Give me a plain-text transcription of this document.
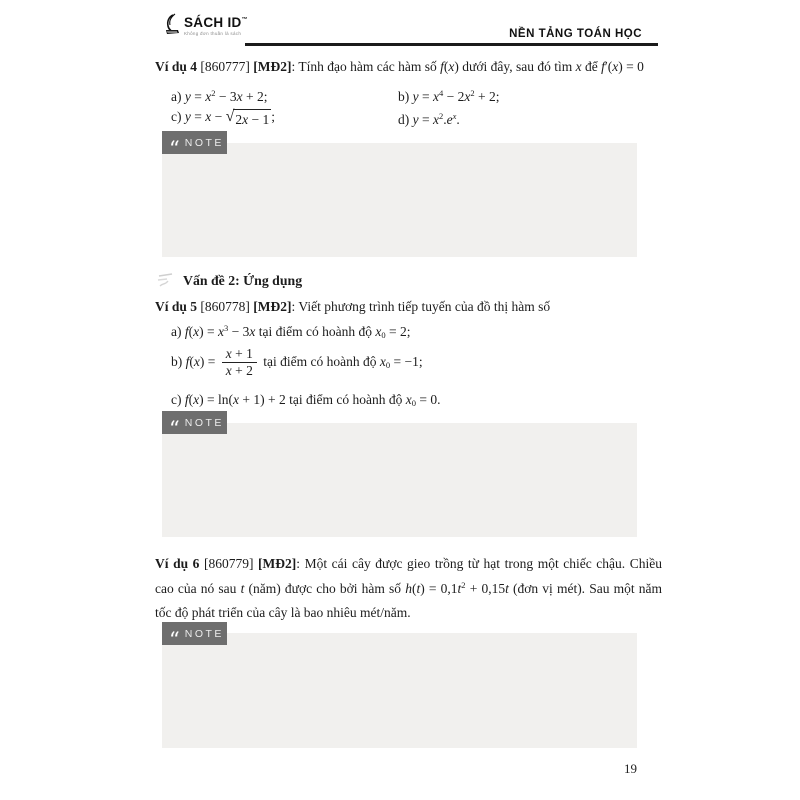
SÁCH ID™
Không đơn thuần là sách	NỀN TẢNG TOÁN HỌC
Ví dụ 4 [860777] [MĐ2]: Tính đạo hàm các hàm số f(x) dưới đây, sau đó tìm x để f′(x) = 0
a) $y = x^2 - 3x + 2$;	b) $y = x^4 - 2x^2 + 2$;
c) y = x − √ 2x − 1 ;	d) $y = x^2.e^x$.
“ NOTE
Vấn đề 2: Ứng dụng
Ví dụ 5 [860778] [MĐ2]: Viết phương trình tiếp tuyến của đồ thị hàm số
a) $f(x) = x^3 - 3x$ tại điểm có hoành độ $x_0 = 2$;
b) $f(x) = \frac{x + 1}{x + 2}$ tại điểm có hoành độ $x_0 = -1$;
c) f(x) = ln(x + 1) + 2 tại điểm có hoành độ $x_0 = 0$.
“ NOTE
Ví dụ 6 [860779] [MĐ2]: Một cái cây được gieo trồng từ hạt trong một chiếc chậu. Chiều cao của nó sau t (năm) được cho bởi hàm số $h(t) = 0,1t^2 + 0,15t$ (đơn vị mét). Sau một năm tốc độ phát triển của cây là bao nhiêu mét/năm.
“ NOTE
19
